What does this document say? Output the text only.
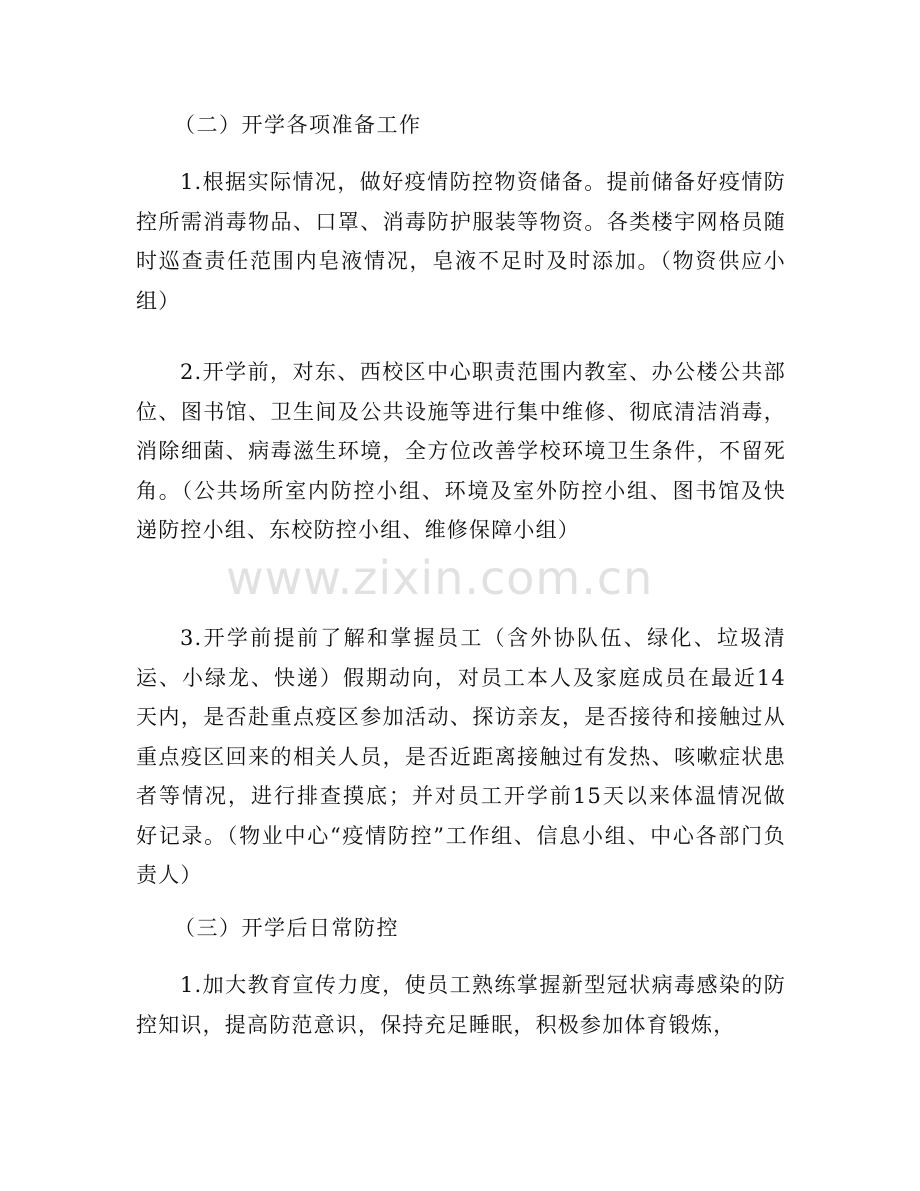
（二）开学各项准备工作
1.根据实际情况，做好疫情防控物资储备。提前储备好疫情防控所需消毒物品、口罩、消毒防护服装等物资。各类楼宇网格员随时巡查责任范围内皂液情况，皂液不足时及时添加。（物资供应小组）
2.开学前，对东、西校区中心职责范围内教室、办公楼公共部位、图书馆、卫生间及公共设施等进行集中维修、彻底清洁消毒，消除细菌、病毒滋生环境，全方位改善学校环境卫生条件，不留死角。（公共场所室内防控小组、环境及室外防控小组、图书馆及快递防控小组、东校防控小组、维修保障小组）
3.开学前提前了解和掌握员工（含外协队伍、绿化、垃圾清运、小绿龙、快递）假期动向，对员工本人及家庭成员在最近14天内，是否赴重点疫区参加活动、探访亲友，是否接待和接触过从重点疫区回来的相关人员，是否近距离接触过有发热、咳嗽症状患者等情况，进行排查摸底；并对员工开学前15天以来体温情况做好记录。（物业中心“疫情防控”工作组、信息小组、中心各部门负责人）
（三）开学后日常防控
1.加大教育宣传力度，使员工熟练掌握新型冠状病毒感染的防控知识，提高防范意识，保持充足睡眠，积极参加体育锻炼，
www.zixin.com.cn
